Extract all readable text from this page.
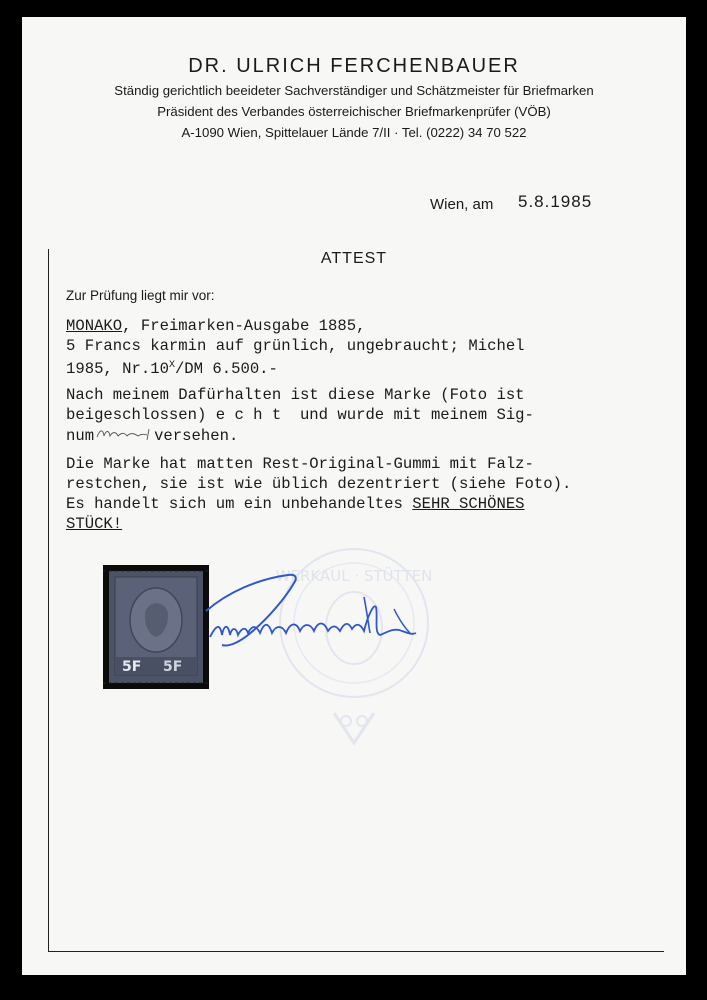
DR. ULRICH FERCHENBAUER
Ständig gerichtlich beeideter Sachverständiger und Schätzmeister für Briefmarken
Präsident des Verbandes österreichischer Briefmarkenprüfer (VÖB)
A-1090 Wien, Spittelauer Lände 7/II · Tel. (0222) 34 70 522
Wien, am 5.8.1985
ATTEST
Zur Prüfung liegt mir vor:
MONAKO, Freimarken-Ausgabe 1885,
5 Francs karmin auf grünlich, ungebraucht; Michel
1985, $Nr.10^X/DM$ 6.500.-
Nach meinem Dafürhalten ist diese Marke (Foto ist
beigeschlossen) e c h t  und wurde mit meinem Sig-
num	versehen.
Die Marke hat matten Rest-Original-Gummi mit Falz-
restchen, sie ist wie üblich dezentriert (siehe Foto).
Es handelt sich um ein unbehandeltes SEHR SCHÖNES
STÜCK!
WERKAUL · STÜTTEN
5F 5F
